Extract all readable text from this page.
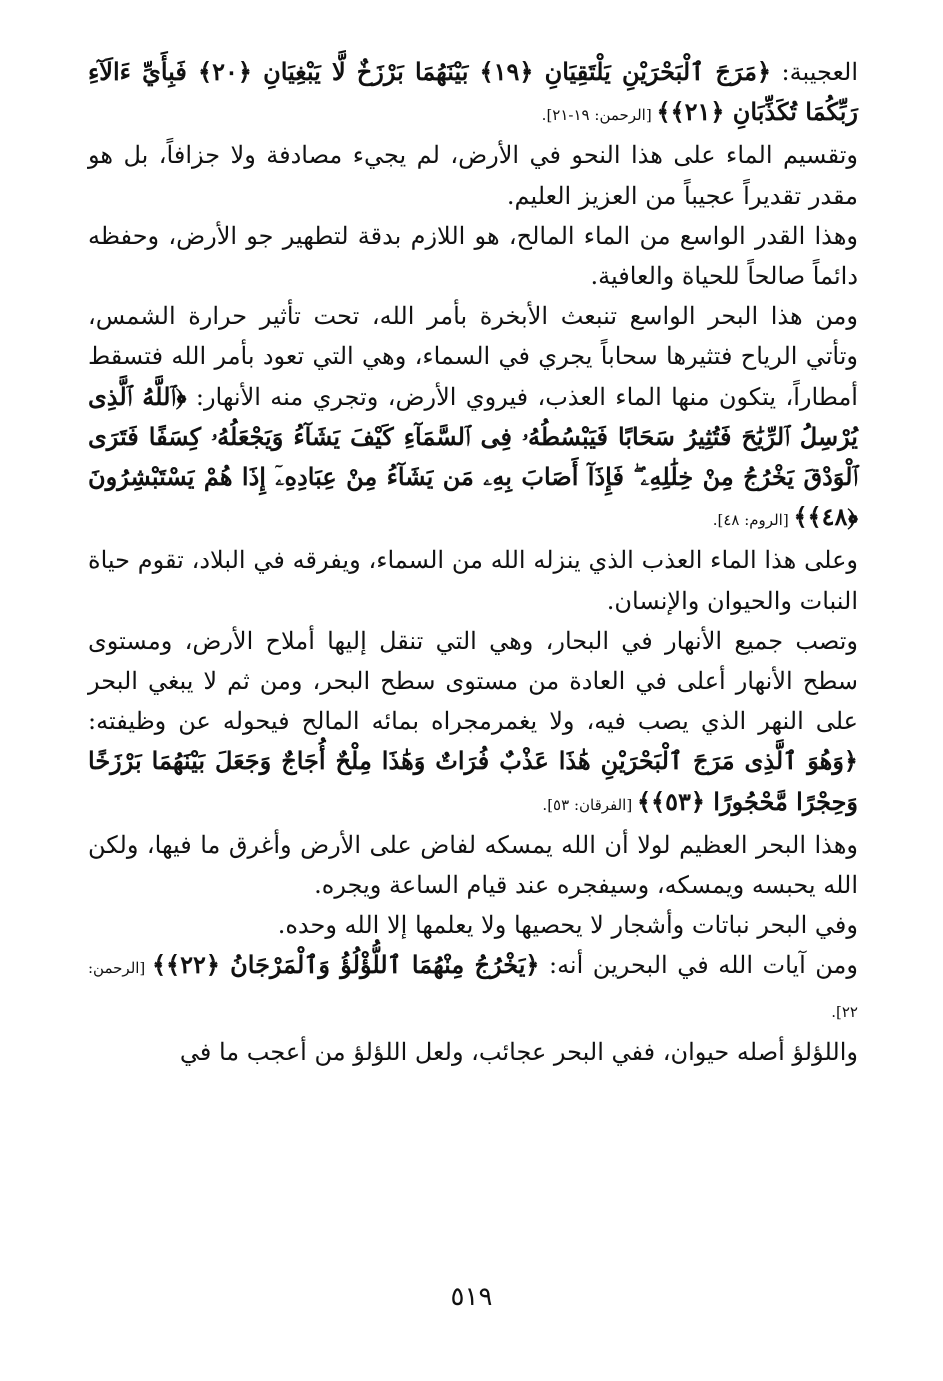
العجيبة: ﴿مَرَجَ ٱلْبَحْرَيْنِ يَلْتَقِيَانِ ﴿١٩﴾ بَيْنَهُمَا بَرْزَخٌ لَّا يَبْغِيَانِ ﴿٢٠﴾ فَبِأَيِّ ءَالَآءِ رَبِّكُمَا تُكَذِّبَانِ ﴿٢١﴾﴾ [الرحمن: ١٩-٢١].

وتقسيم الماء على هذا النحو في الأرض، لم يجيء مصادفة ولا جزافاً، بل هو مقدر تقديراً عجيباً من العزيز العليم.

وهذا القدر الواسع من الماء المالح، هو اللازم بدقة لتطهير جو الأرض، وحفظه دائماً صالحاً للحياة والعافية.

ومن هذا البحر الواسع تنبعث الأبخرة بأمر الله، تحت تأثير حرارة الشمس، وتأتي الرياح فتثيرها سحاباً يجري في السماء، وهي التي تعود بأمر الله فتسقط أمطاراً، يتكون منها الماء العذب، فيروي الأرض، وتجري منه الأنهار: ﴿ٱللَّهُ ٱلَّذِى يُرْسِلُ ٱلرِّيَٰحَ فَتُثِيرُ سَحَابًا فَيَبْسُطُهُۥ فِى ٱلسَّمَآءِ كَيْفَ يَشَآءُ وَيَجْعَلُهُۥ كِسَفًا فَتَرَى ٱلْوَدْقَ يَخْرُجُ مِنْ خِلَٰلِهِۦ ۖ فَإِذَآ أَصَابَ بِهِۦ مَن يَشَآءُ مِنْ عِبَادِهِۦٓ إِذَا هُمْ يَسْتَبْشِرُونَ ﴿٤٨﴾﴾ [الروم: ٤٨].

وعلى هذا الماء العذب الذي ينزله الله من السماء، ويفرقه في البلاد، تقوم حياة النبات والحيوان والإنسان.

وتصب جميع الأنهار في البحار، وهي التي تنقل إليها أملاح الأرض، ومستوى سطح الأنهار أعلى في العادة من مستوى سطح البحر، ومن ثم لا يبغي البحر على النهر الذي يصب فيه، ولا يغمرمجراه بمائه المالح فيحوله عن وظيفته: ﴿وَهُوَ ٱلَّذِى مَرَجَ ٱلْبَحْرَيْنِ هَٰذَا عَذْبٌ فُرَاتٌ وَهَٰذَا مِلْحٌ أُجَاجٌ وَجَعَلَ بَيْنَهُمَا بَرْزَخًا وَحِجْرًا مَّحْجُورًا ﴿٥٣﴾﴾ [الفرقان: ٥٣].

وهذا البحر العظيم لولا أن الله يمسكه لفاض على الأرض وأغرق ما فيها، ولكن الله يحبسه ويمسكه، وسيفجره عند قيام الساعة ويجره.

وفي البحر نباتات وأشجار لا يحصيها ولا يعلمها إلا الله وحده.

ومن آيات الله في البحرين أنه: ﴿يَخْرُجُ مِنْهُمَا ٱللُّؤْلُؤُ وَٱلْمَرْجَانُ ﴿٢٢﴾﴾ [الرحمن: ٢٢].

واللؤلؤ أصله حيوان، ففي البحر عجائب، ولعل اللؤلؤ من أعجب ما في

٥١٩
